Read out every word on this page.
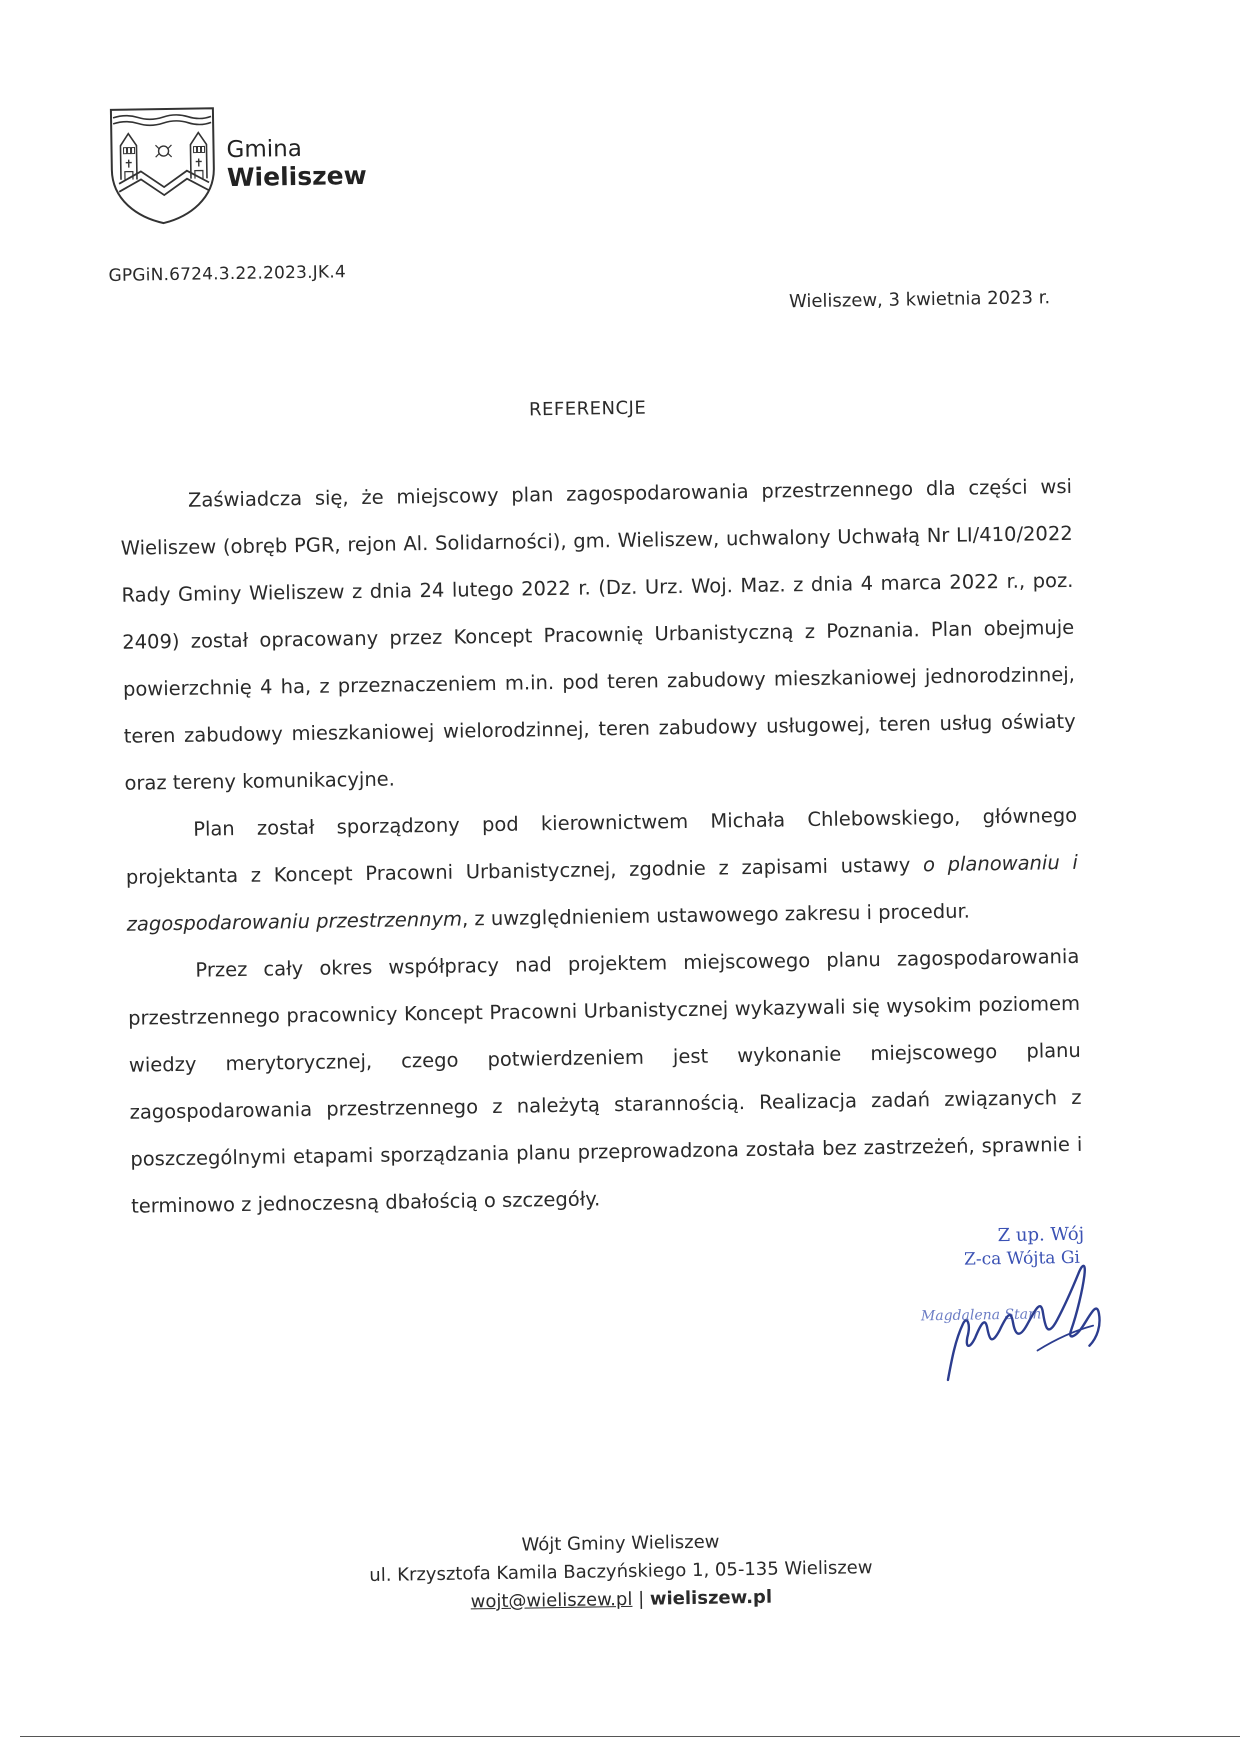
Gmina
Wieliszew
GPGiN.6724.3.22.2023.JK.4
Wieliszew, 3 kwietnia 2023 r.
REFERENCJE

Zaświadcza się, że miejscowy plan zagospodarowania przestrzennego dla części wsi Wieliszew (obręb PGR, rejon Al. Solidarności), gm. Wieliszew, uchwalony Uchwałą Nr LI/410/2022 Rady Gminy Wieliszew z dnia 24 lutego 2022 r. (Dz. Urz. Woj. Maz. z dnia 4 marca 2022 r., poz. 2409) został opracowany przez Koncept Pracownię Urbanistyczną z Poznania. Plan obejmuje powierzchnię 4 ha, z przeznaczeniem m.in. pod teren zabudowy mieszkaniowej jednorodzinnej, teren zabudowy mieszkaniowej wielorodzinnej, teren zabudowy usługowej, teren usług oświaty oraz tereny komunikacyjne.

Plan został sporządzony pod kierownictwem Michała Chlebowskiego, głównego projektanta z Koncept Pracowni Urbanistycznej, zgodnie z zapisami ustawy o planowaniu i zagospodarowaniu przestrzennym, z uwzględnieniem ustawowego zakresu i procedur.

Przez cały okres współpracy nad projektem miejscowego planu zagospodarowania przestrzennego pracownicy Koncept Pracowni Urbanistycznej wykazywali się wysokim poziomem wiedzy merytorycznej, czego potwierdzeniem jest wykonanie miejscowego planu zagospodarowania przestrzennego z należytą starannością. Realizacja zadań związanych z poszczególnymi etapami sporządzania planu przeprowadzona została bez zastrzeżeń, sprawnie i terminowo z jednoczesną dbałością o szczegóły.

Z up. Wój
Z-ca Wójta Gi
Magdalena Stam
Wójt Gminy Wieliszew
ul. Krzysztofa Kamila Baczyńskiego 1, 05-135 Wieliszew
wojt@wieliszew.pl | wieliszew.pl
